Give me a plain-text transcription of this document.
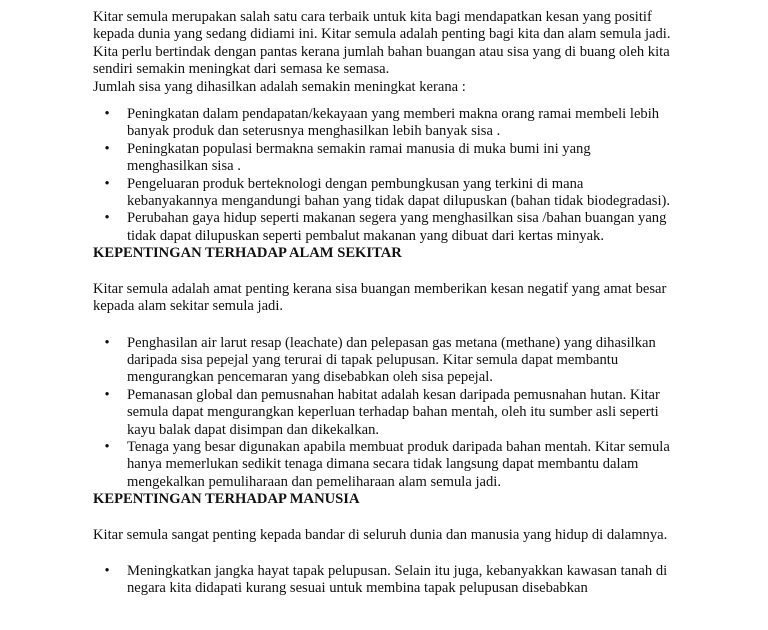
Kitar semula merupakan salah satu cara terbaik untuk kita bagi mendapatkan kesan yang positif kepada dunia yang sedang didiami ini. Kitar semula adalah penting bagi kita dan alam semula jadi. Kita perlu bertindak dengan pantas kerana jumlah bahan buangan atau sisa yang di buang oleh kita sendiri semakin meningkat dari semasa ke semasa.

Jumlah sisa yang dihasilkan adalah semakin meningkat kerana :

• Peningkatan dalam pendapatan/kekayaan yang memberi makna orang ramai membeli lebih banyak produk dan seterusnya menghasilkan lebih banyak sisa .
• Peningkatan populasi bermakna semakin ramai manusia di muka bumi ini yang menghasilkan sisa .
• Pengeluaran produk berteknologi dengan pembungkusan yang terkini di mana kebanyakannya mengandungi bahan yang tidak dapat dilupuskan (bahan tidak biodegradasi).
• Perubahan gaya hidup seperti makanan segera yang menghasilkan sisa /bahan buangan yang tidak dapat dilupuskan seperti pembalut makanan yang dibuat dari kertas minyak.
KEPENTINGAN TERHADAP ALAM SEKITAR

Kitar semula adalah amat penting kerana sisa buangan memberikan kesan negatif yang amat besar kepada alam sekitar semula jadi.

• Penghasilan air larut resap (leachate) dan pelepasan gas metana (methane) yang dihasilkan daripada sisa pepejal yang terurai di tapak pelupusan. Kitar semula dapat membantu mengurangkan pencemaran yang disebabkan oleh sisa pepejal.
• Pemanasan global dan pemusnahan habitat adalah kesan daripada pemusnahan hutan. Kitar semula dapat mengurangkan keperluan terhadap bahan mentah, oleh itu sumber asli seperti kayu balak dapat disimpan dan dikekalkan.
• Tenaga yang besar digunakan apabila membuat produk daripada bahan mentah. Kitar semula hanya memerlukan sedikit tenaga dimana secara tidak langsung dapat membantu dalam mengekalkan pemuliharaan dan pemeliharaan alam semula jadi.
KEPENTINGAN TERHADAP MANUSIA

Kitar semula sangat penting kepada bandar di seluruh dunia dan manusia yang hidup di dalamnya.

• Meningkatkan jangka hayat tapak pelupusan. Selain itu juga, kebanyakkan kawasan tanah di negara kita didapati kurang sesuai untuk membina tapak pelupusan disebabkan
